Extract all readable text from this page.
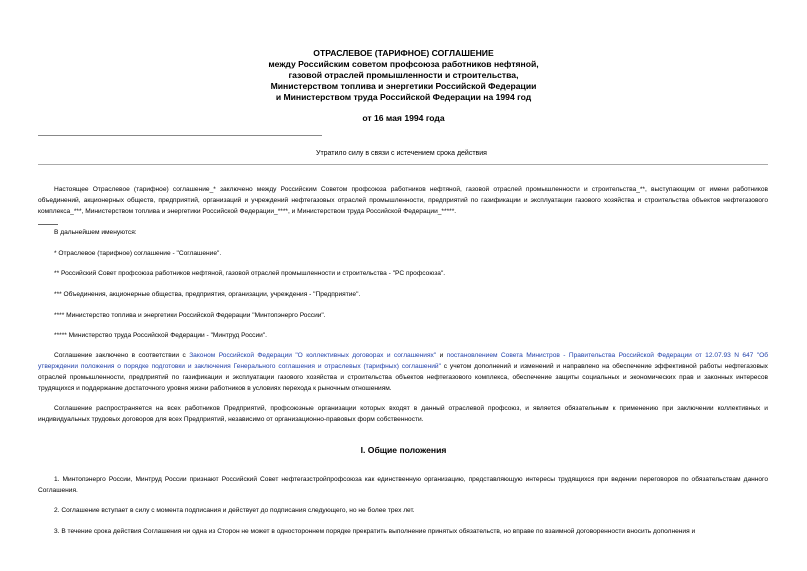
ОТРАСЛЕВОЕ (ТАРИФНОЕ) СОГЛАШЕНИЕ
между Российским советом профсоюза работников нефтяной,
газовой отраслей промышленности и строительства,
Министерством топлива и энергетики Российской Федерации
и Министерством труда Российской Федерации на 1994 год
от 16 мая 1994 года
Утратило силу в связи с истечением срока действия

Настоящее Отраслевое (тарифное) соглашение_* заключено между Российским Советом профсоюза работников нефтяной, газовой отраслей промышленности и строительства_**, выступающим от имени работников объединений, акционерных обществ, предприятий, организаций и учреждений нефтегазовых отраслей промышленности, предприятий по газификации и эксплуатации газового хозяйства и строительства объектов нефтегазового комплекса_***, Министерством топлива и энергетики Российской Федерации_****, и Министерством труда Российской Федерации_*****.

В дальнейшем именуются:
* Отраслевое (тарифное) соглашение - "Соглашение".
** Российский Совет профсоюза работников нефтяной, газовой отраслей промышленности и строительства - "РС профсоюза".
*** Объединения, акционерные общества, предприятия, организации, учреждения - "Предприятие".
**** Министерство топлива и энергетики Российской Федерации "Минтопэнерго России".
***** Министерство труда Российской Федерации - "Минтруд России".

Соглашение заключено в соответствии с Законом Российской Федерации "О коллективных договорах и соглашениях" и постановлением Совета Министров - Правительства Российской Федерации от 12.07.93 N 647 "Об утверждении положения о порядке подготовки и заключения Генерального соглашения и отраслевых (тарифных) соглашений" с учетом дополнений и изменений и направлено на обеспечение эффективной работы нефтегазовых отраслей промышленности, предприятий по газификации и эксплуатации газового хозяйства и строительства объектов нефтегазового комплекса, обеспечение защиты социальных и экономических прав и законных интересов трудящихся и поддержание достаточного уровня жизни работников в условиях перехода к рыночным отношениям.

Соглашение распространяется на всех работников Предприятий, профсоюзные организации которых входят в данный отраслевой профсоюз, и является обязательным к применению при заключении коллективных и индивидуальных трудовых договоров для всех Предприятий, независимо от организационно-правовых форм собственности.

I. Общие положения

1. Минтопэнерго России, Минтруд России признают Российский Совет нефтегазстройпрофсоюза как единственную организацию, представляющую интересы трудящихся при ведении переговоров по обязательствам данного Соглашения.

2. Соглашение вступает в силу с момента подписания и действует до подписания следующего, но не более трех лет.

3. В течение срока действия Соглашения ни одна из Сторон не может в одностороннем порядке прекратить выполнение принятых обязательств, но вправе по взаимной договоренности вносить дополнения и
